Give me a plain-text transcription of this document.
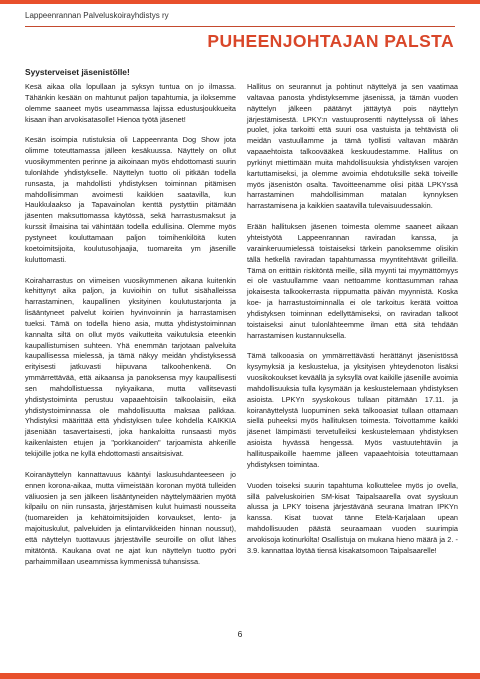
Lappeenrannan Palveluskoirayhdistys ry
PUHEENJOHTAJAN PALSTA
Syysterveiset jäsenistölle!

Kesä aikaa olla lopullaan ja syksyn tuntua on jo ilmassa. Tähänkin kesään on mahtunut paljon tapahtumia, ja iloksemme olemme saaneet myös useammassa lajissa edustusjoukkueita kisaan ihan arvokisatasolle! Hienoa työtä jäsenet!

Kesän isoimpia rutistuksia oli Lappeenranta Dog Show jota olimme toteuttamassa jälleen kesäkuussa. Näyttely on ollut vuosikymmenten perinne ja aikoinaan myös ehdottomasti suurin tulonlähde yhdistykselle. Näyttelyn tuotto oli pitkään todella runsasta, ja mahdollisti yhdistyksen toiminnan pitämisen mahdollisimman avoimesti kaikkien saatavilla, kun Haukkulaakso ja Tapavainolan kenttä pystyttiin pitämään jäsenten maksuttomassa käytössä, sekä harrastusmaksut ja kurssit ilmaisina tai vähintään todella edullisina. Olemme myös pystyneet kouluttamaan paljon toimihenkilöitä kuten koetoimitsijoita, koulutusohjaajia, tuomareita ym jäsenille kuluttomasti.

Koiraharrastus on viimeisen vuosikymmenen aikana kuitenkin kehittynyt aika paljon, ja kuvioihin on tullut sisähalleissa harrastaminen, kaupallinen yksityinen koulutustarjonta ja lisääntyneet palvelut koirien hyvinvoinnin ja harrastamisen tueksi. Tämä on todella hieno asia, mutta yhdistystoiminnan kannalta siltä on ollut myös vaikutteita vaikutuksia eteenkin kaupallistumisen suhteen. Yhä enemmän tarjotaan palveluita kaupallisessa mielessä, ja tämä näkyy meidän yhdistyksessä erityisesti jatkuvasti hiipuvana talkoohenkenä. On ymmärrettävää, että aikaansa ja panoksensa myy kaupallisesti sen mahdollistuessa nykyaikana, mutta vallitsevasti yhdistystoiminta perustuu vapaaehtoisiin talkoolaisiin, eikä yhdistystoiminnassa ole mahdollisuutta maksaa palkkaa. Yhdistyksi määrittää että yhdistyksen tulee kohdella KAIKKIA jäseniään tasavertaisesti, joka hankaloitta runsaasti myös kaikenlaisten etujen ja "porkkanoiden" tarjoamista ahkerille tekijöille jotka ne kyllä ehdottomasti ansaitsisivat.

Koiranäyttelyn kannattavuus kääntyi laskusuhdanteeseen jo ennen korona-aikaa, mutta viimeistään koronan myötä tulleiden väliuosien ja sen jälkeen lisääntyneiden näyttelymäärien myötä kilpailu on niin runsasta, järjestämisen kulut huimasti nousseita (tuomareiden ja kehätoimitsijoiden korvaukset, lento- ja majoituskulut, palveluiden ja elintarvikkeiden hinnan noussut), että näyttelyn tuottavuus järjestäville seuroille on ollut lähes mitätöntä. Kaukana ovat ne ajat kun näyttelyn tuotto pyöri parhaimmillaan useammissa kymmenissä tuhansissa.

Hallitus on seurannut ja pohtinut näyttelyä ja sen vaatimaa valtavaa panosta yhdistyksemme jäsenissä, ja tämän vuoden näyttelyn jälkeen päätänyt jättäytyä pois näyttelyn järjestämisestä. LPKY:n vastuuprosentti näyttelyssä oli lähes puolet, joka tarkoitti että suuri osa vastuista ja tehtävistä oli meidän vastuullamme ja tämä työllisti valtavan määrän vapaaehtoista talkoovääkeä keskuudestamme. Hallitus on pyrkinyt miettimään muita mahdollisuuksia yhdistyksen varojen kartuttamiseksi, ja olemme avoimia ehdotuksille sekä toiveille myös jäsenistön osalta. Tavoitteenamme olisi pitää LPKYssä harrastaminen mahdollisimman matalan kynnyksen harrastamisena ja kaikkien saatavilla tulevaisuudessakin.

Erään hallituksen jäsenen toimesta olemme saaneet aikaan yhteistyötä Lappeenrannan raviradan kanssa, ja varainkeruumielessä toistaiseksi tärkein panoksemme olisikin tällä hetkellä raviradan tapahtumassa myyntitehtävät grilleillä. Tämä on erittäin riskitöntä meille, sillä myynti tai myymättömyys ei ole vastuullamme vaan nettoamme konttasumman rahaa jokaisesta talkookerrasta riippumatta päivän myynnistä. Koska koe- ja harrastustoiminnalla ei ole tarkoitus kerätä voittoa yhdistyksen toiminnan edellyttämiseksi, on raviradan talkoot toistaiseksi ainut tulonlähteemme ilman että sitä tehdään harrastamisen kustannuksella.

Tämä talkooasia on ymmärrettävästi herättänyt jäsenistössä kysymyksiä ja keskustelua, ja yksityisen yhteydenoton lisäksi vuosikokoukset keväällä ja syksyllä ovat kaikille jäsenille avoimia mahdollisuuksia tulla kysymään ja keskustelemaan yhdistyksen asioista. LPKYn syyskokous tullaan pitämään 17.11. ja koiranäyttelystä luopuminen sekä talkooasiat tullaan ottamaan siellä puheeksi myös hallituksen toimesta. Toivottamme kaikki jäsenet lämpimästi tervetulleiksi keskustelemaan yhdistyksen asioista hyvässä hengessä. Myös vastuutehtäviin ja hallituspaikoille haemme jälleen vapaaehtoisia toteuttamaan yhdistyksen toimintaa.

Vuoden toiseksi suurin tapahtuma kolkuttelee myös jo ovella, sillä palveluskoirien SM-kisat Taipalsaarella ovat syyskuun alussa ja LPKY toisena järjestävänä seurana Imatran IPKYn kanssa. Kisat tuovat tänne Etelä-Karjalaan upean mahdollisuuden päästä seuraamaan vuoden suurimpia arvokisoja kotinurkilta! Osallistuja on mukana hieno määrä ja 2. - 3.9. kannattaa löytää tiensä kisakatsomoon Taipalsaarelle!

6
